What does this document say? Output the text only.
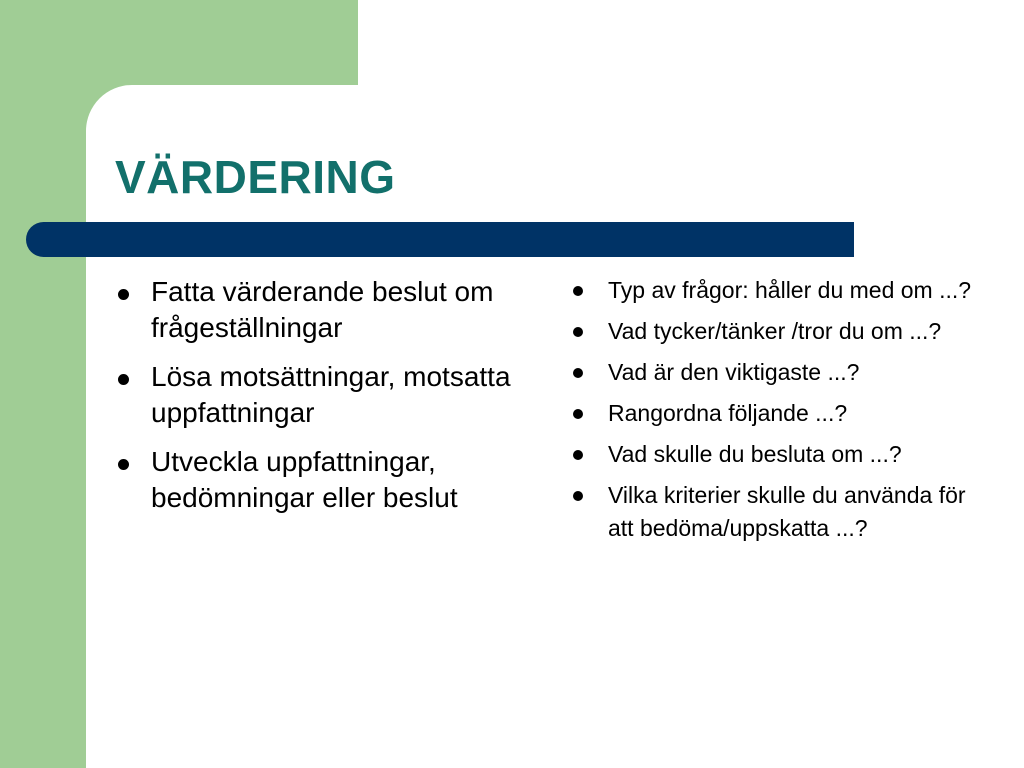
VÄRDERING
Fatta värderande beslut om frågeställningar
Lösa motsättningar, motsatta uppfattningar
Utveckla uppfattningar, bedömningar eller beslut
Typ av frågor: håller du med om ...?
Vad tycker/tänker /tror du om ...?
Vad är den viktigaste ...?
Rangordna följande ...?
Vad skulle du besluta om ...?
Vilka kriterier skulle du använda för att bedöma/uppskatta ...?
